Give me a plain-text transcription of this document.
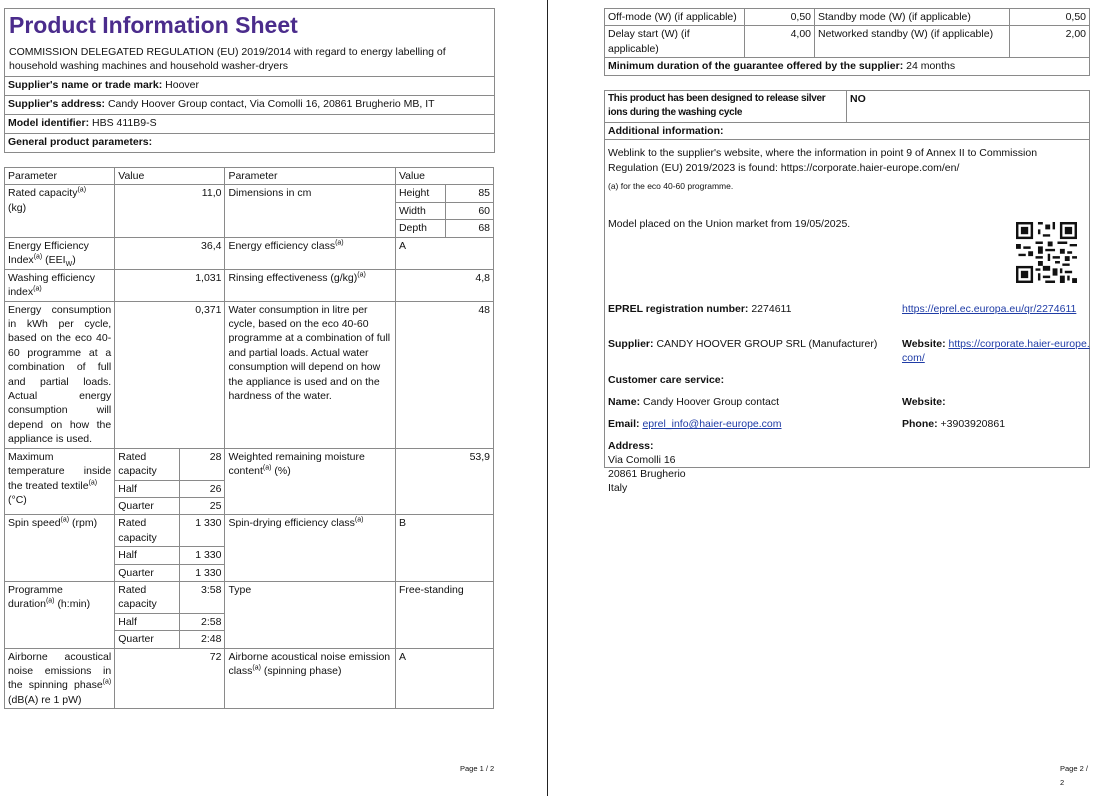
Product Information Sheet
COMMISSION DELEGATED REGULATION (EU) 2019/2014 with regard to energy labelling of household washing machines and household washer-dryers

Supplier's name or trade mark: Hoover
Supplier's address: Candy Hoover Group contact, Via Comolli 16, 20861 Brugherio MB, IT
Model identifier: HBS 411B9-S
General product parameters:
Parameter	Value		Parameter	Value	
Rated capacity$^{(a)}$
(kg)	11,0		Dimensions in cm	Height	85
				Width	60
				Depth	68
Energy Efficiency Index$^{(a)}$ $(EEI_W)$	36,4		Energy efficiency class$^{(a)}$	A	
Washing efficiency index$^{(a)}$	1,031		Rinsing effectiveness $(g/kg)^{(a)}$	4,8	
Energy consumption in kWh per cycle, based on the eco 40-60 programme at a combination of full and partial loads. Actual energy consumption will depend on how the appliance is used.	0,371		Water consumption in litre per cycle, based on the eco 40-60 programme at a combination of full and partial loads. Actual water consumption will depend on how the appliance is used and on the hardness of the water.	48	
Maximum temperature inside the treated textile$^{(a)}$
(°C)	Rated capacity	28	Weighted remaining moisture content$^{(a)}$ (%)	53,9	
	Half	26			
	Quarter	25			
Spin speed$^{(a)}$ (rpm)	Rated capacity	1 330	Spin-drying efficiency class$^{(a)}$	B	
	Half	1 330			
	Quarter	1 330			
Programme duration$^{(a)}$ (h:min)	Rated capacity	3:58	Type	Free-standing	
	Half	2:58			
	Quarter	2:48			
Airborne acoustical noise emissions in the spinning phase$^{(a)}$ (dB(A) re 1 pW)	72		Airborne acoustical noise emission class$^{(a)}$ (spinning phase)	A	
Page 1 / 2
Off-mode (W) (if applicable)	0,50	Standby mode (W) (if applicable)	0,50
Delay start (W) (if applicable)	4,00	Networked standby (W) (if applicable)	2,00
Minimum duration of the guarantee offered by the supplier: 24 months			
This product has been designed to release silver ions during the washing cycle	NO
Additional information:

Weblink to the supplier's website, where the information in point 9 of Annex II to Commission Regulation (EU) 2019/2023 is found: https://corporate.haier-europe.com/en/
(a) for the eco 40-60 programme.
Model placed on the Union market from 19/05/2025.
EPREL registration number: 2274611	https://eprel.ec.europa.eu/qr/2274611
Supplier: CANDY HOOVER GROUP SRL (Manufacturer) Website: https://corporate.haier-europe.com/
Customer care service:
Name: Candy Hoover Group contact	Website:
Email: eprel_info@haier-europe.com	Phone: +3903920861
Address:
Via Comolli 16
20861 Brugherio
Italy
Page 2 / 2
